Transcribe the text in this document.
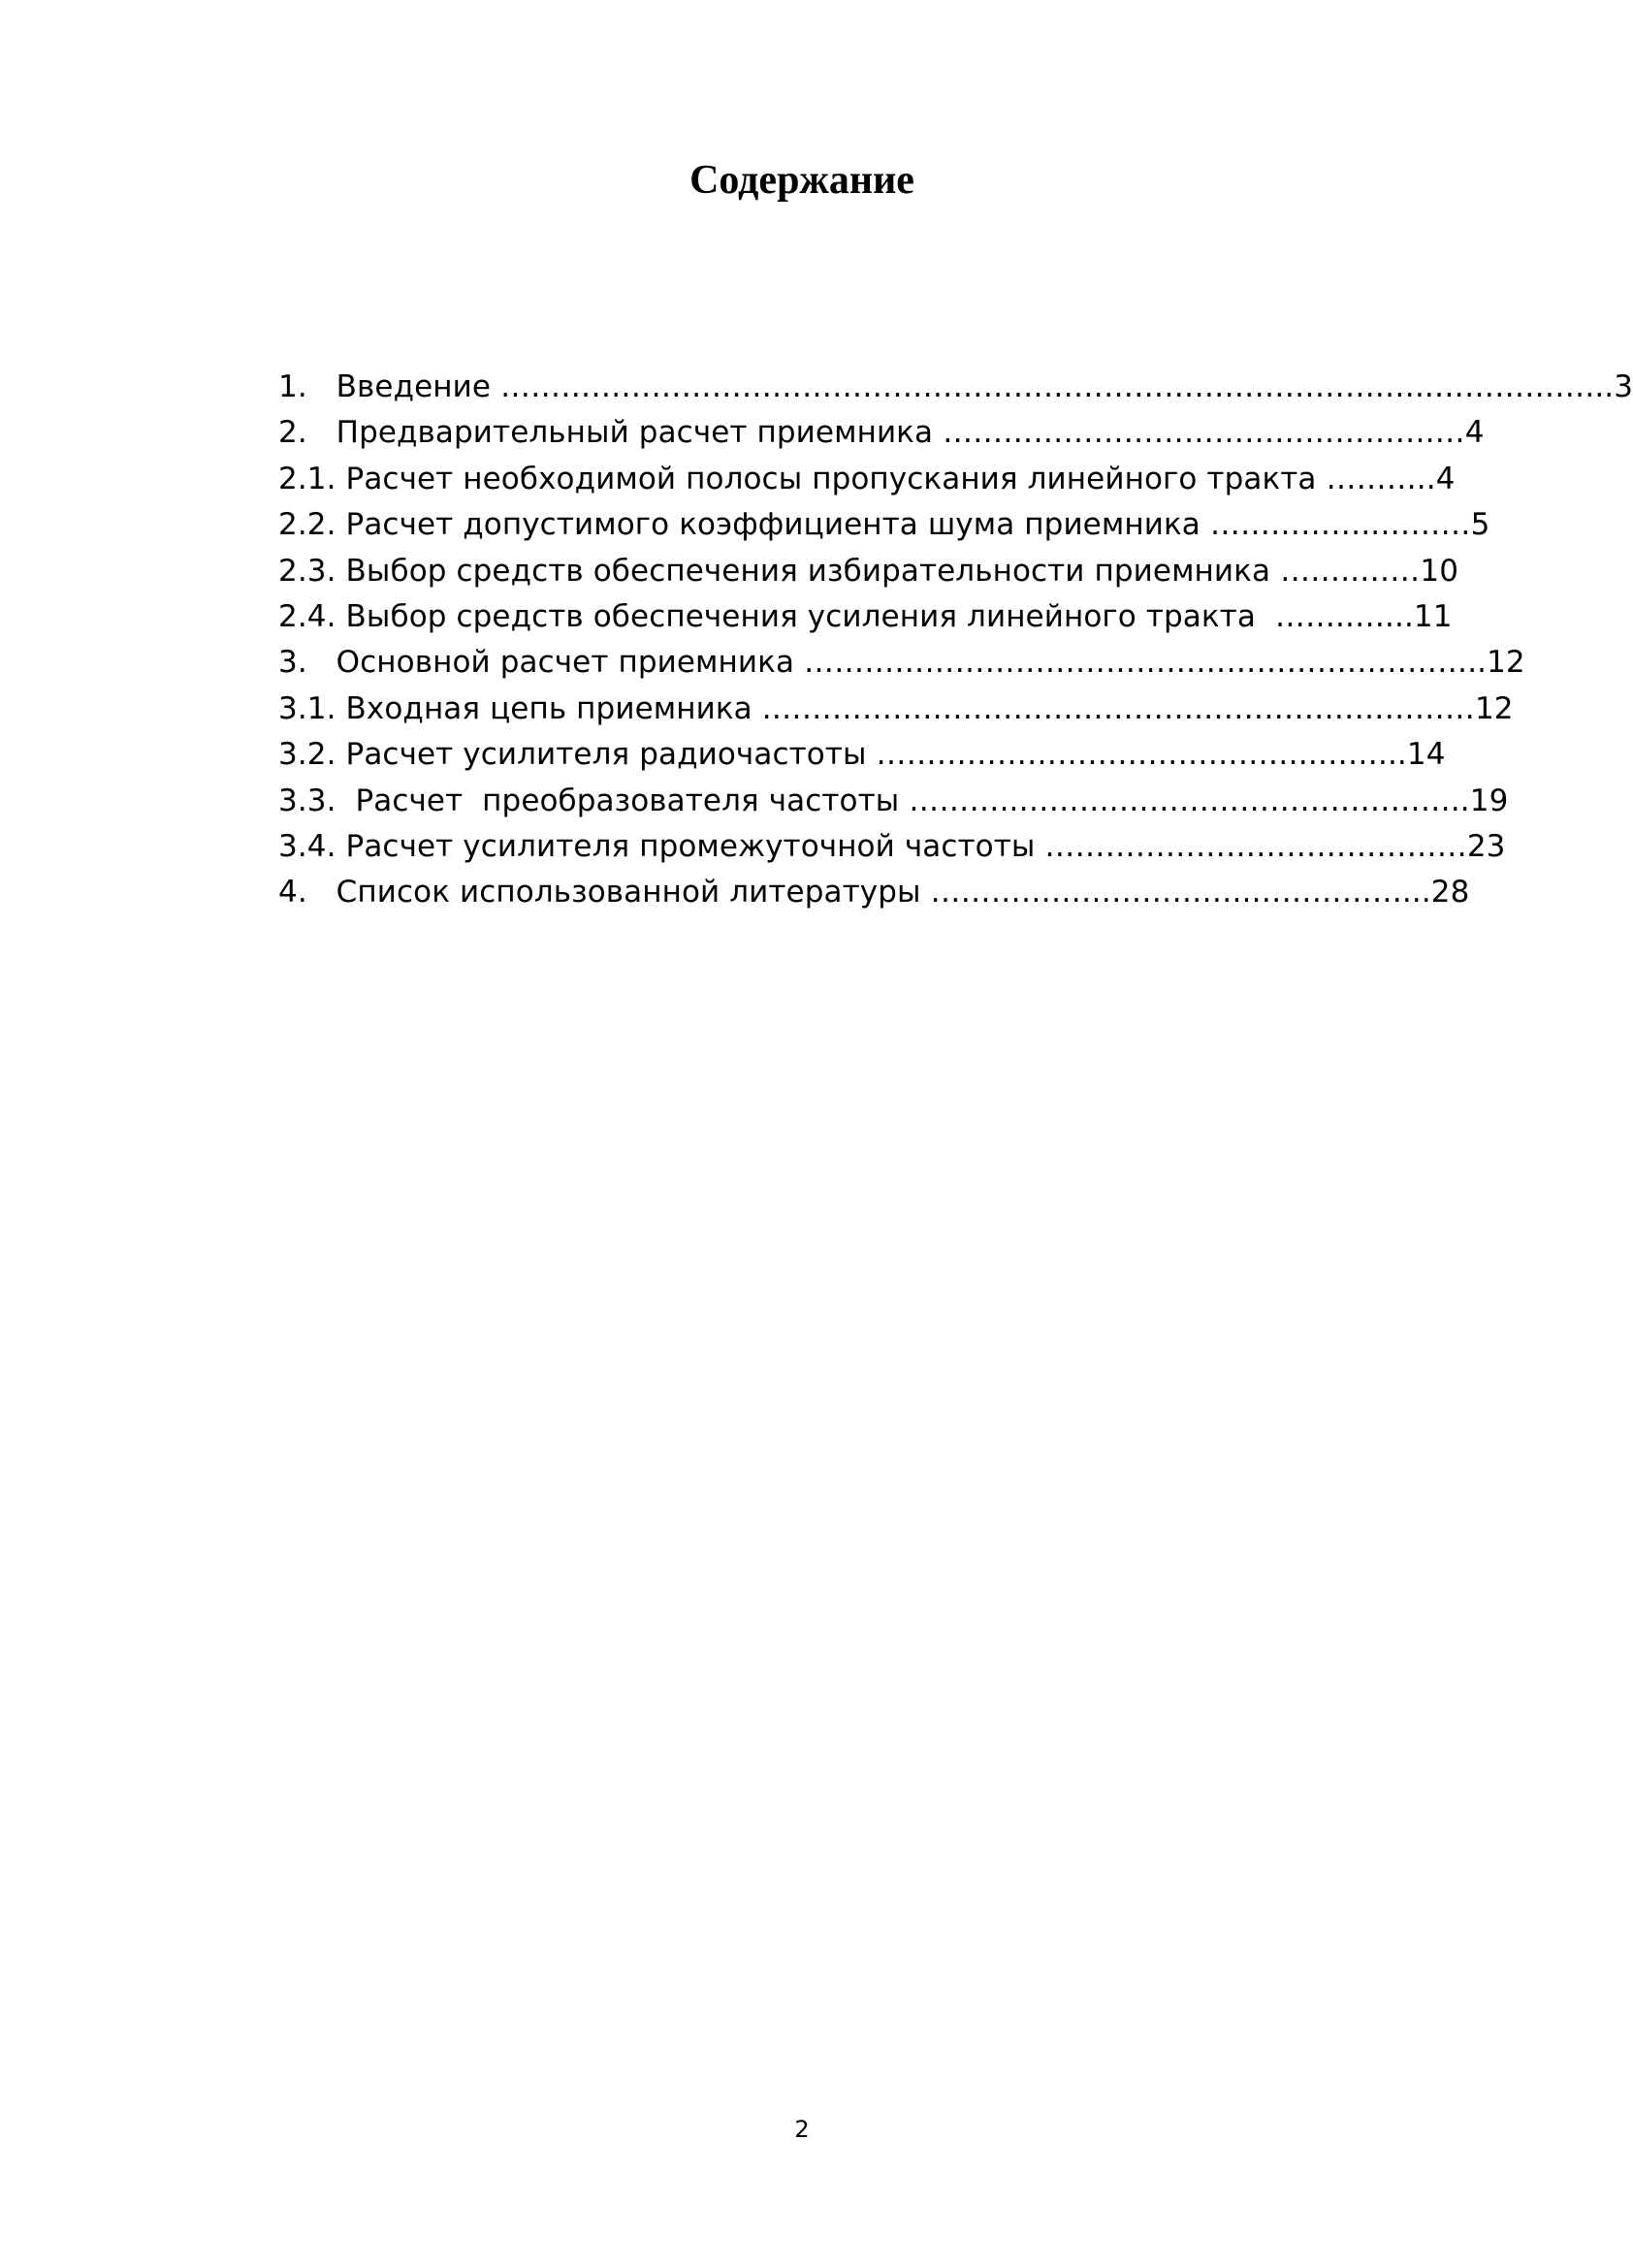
Содержание
1. Введение …………………………………………………………………………….…..……………...3
2. Предварительный расчет приемника ………………………………………….…4
2.1. Расчет необходимой полосы пропускания линейного тракта ………..4
2.2. Расчет допустимого коэффициента шума приемника ……………..………5
2.3. Выбор средств обеспечения избирательности приемника ……..……10
2.4. Выбор средств обеспечения усиления линейного тракта  ……..…...11
3. Основной расчет приемника …………………………………………………………..12
3.1. Входная цепь приемника .…………………………………….………………………12
3.2. Расчет усилителя радиочастоты ……………………………………..……...14
3.3.  Расчет  преобразователя частоты ………..……….……………………………..19
3.4. Расчет усилителя промежуточной частоты ……………………………………23
4. Список использованной литературы …………………………..……………...28
2
